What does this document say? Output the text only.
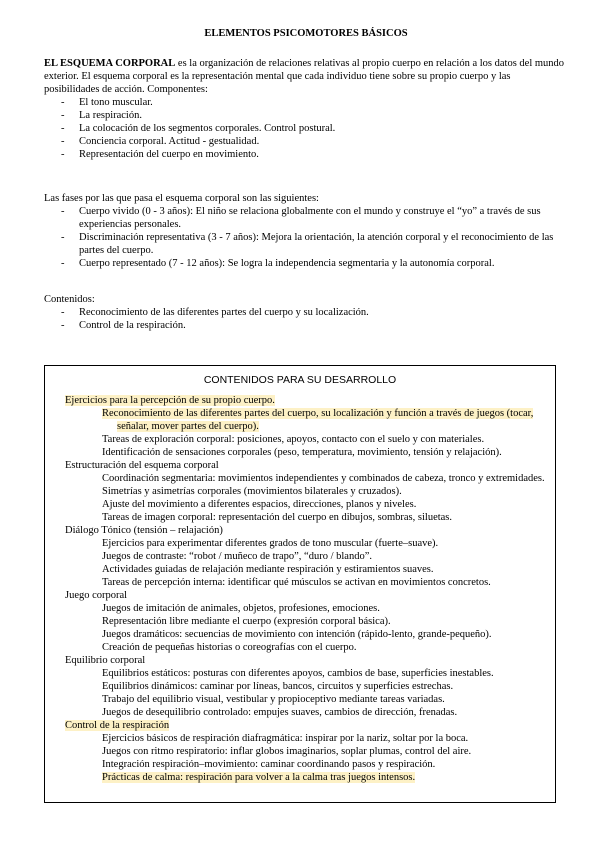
ELEMENTOS PSICOMOTORES BÁSICOS
EL ESQUEMA CORPORAL es la organización de relaciones relativas al propio cuerpo en relación a los datos del mundo exterior. El esquema corporal es la representación mental que cada individuo tiene sobre su propio cuerpo y las posibilidades de acción. Componentes:
- El tono muscular.
- La respiración.
- La colocación de los segmentos corporales. Control postural.
- Conciencia corporal. Actitud - gestualidad.
- Representación del cuerpo en movimiento.
Las fases por las que pasa el esquema corporal son las siguientes:
- Cuerpo vivido (0 - 3 años): El niño se relaciona globalmente con el mundo y construye el “yo” a través de sus experiencias personales.
- Discriminación representativa (3 - 7 años): Mejora la orientación, la atención corporal y el reconocimiento de las partes del cuerpo.
- Cuerpo representado (7 - 12 años): Se logra la independencia segmentaria y la autonomía corporal.
Contenidos:
- Reconocimiento de las diferentes partes del cuerpo y su localización.
- Control de la respiración.
CONTENIDOS PARA SU DESARROLLO
Ejercicios para la percepción de su propio cuerpo.
Reconocimiento de las diferentes partes del cuerpo, su localización y función a través de juegos (tocar, señalar, mover partes del cuerpo).
Tareas de exploración corporal: posiciones, apoyos, contacto con el suelo y con materiales.
Identificación de sensaciones corporales (peso, temperatura, movimiento, tensión y relajación).
Estructuración del esquema corporal
Coordinación segmentaria: movimientos independientes y combinados de cabeza, tronco y extremidades.
Simetrías y asimetrías corporales (movimientos bilaterales y cruzados).
Ajuste del movimiento a diferentes espacios, direcciones, planos y niveles.
Tareas de imagen corporal: representación del cuerpo en dibujos, sombras, siluetas.
Diálogo Tónico (tensión – relajación)
Ejercicios para experimentar diferentes grados de tono muscular (fuerte–suave).
Juegos de contraste: “robot / muñeco de trapo”, “duro / blando”.
Actividades guiadas de relajación mediante respiración y estiramientos suaves.
Tareas de percepción interna: identificar qué músculos se activan en movimientos concretos.
Juego corporal
Juegos de imitación de animales, objetos, profesiones, emociones.
Representación libre mediante el cuerpo (expresión corporal básica).
Juegos dramáticos: secuencias de movimiento con intención (rápido-lento, grande-pequeño).
Creación de pequeñas historias o coreografías con el cuerpo.
Equilibrio corporal
Equilibrios estáticos: posturas con diferentes apoyos, cambios de base, superficies inestables.
Equilibrios dinámicos: caminar por líneas, bancos, circuitos y superficies estrechas.
Trabajo del equilibrio visual, vestibular y propioceptivo mediante tareas variadas.
Juegos de desequilibrio controlado: empujes suaves, cambios de dirección, frenadas.
Control de la respiración
Ejercicios básicos de respiración diafragmática: inspirar por la nariz, soltar por la boca.
Juegos con ritmo respiratorio: inflar globos imaginarios, soplar plumas, control del aire.
Integración respiración–movimiento: caminar coordinando pasos y respiración.
Prácticas de calma: respiración para volver a la calma tras juegos intensos.
